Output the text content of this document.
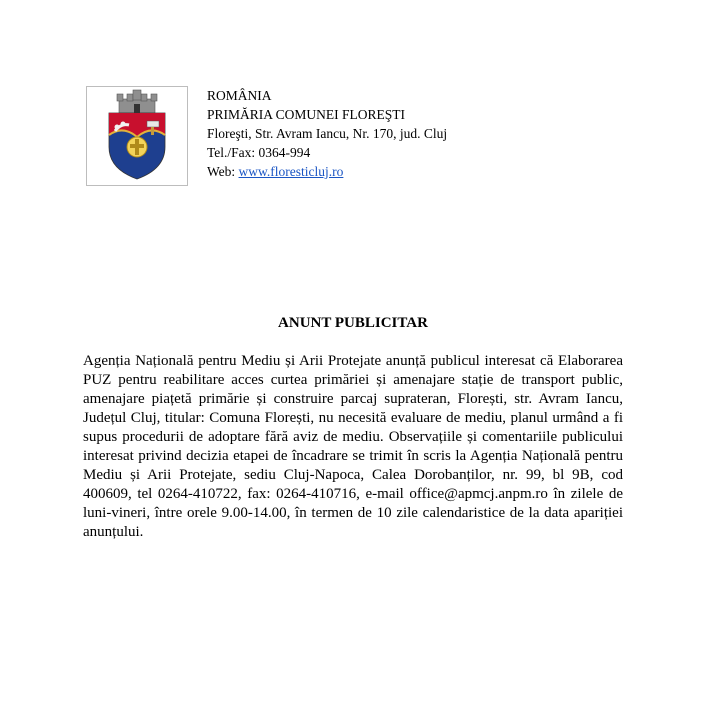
ROMÂNIA
PRIMĂRIA COMUNEI FLOREŞTI
Floreşti, Str. Avram Iancu, Nr. 170, jud. Cluj
Tel./Fax: 0364-994
Web: www.floresticluj.ro
ANUNT PUBLICITAR
Agenția Națională pentru Mediu și Arii Protejate anunță publicul interesat că Elaborarea PUZ pentru reabilitare acces curtea primăriei și amenajare stație de transport public, amenajare piațetă primărie și construire parcaj suprateran, Florești, str. Avram Iancu, Județul Cluj, titular: Comuna Florești, nu necesită evaluare de mediu, planul urmând a fi supus procedurii de adoptare fără aviz de mediu. Observațiile și comentariile publicului interesat privind decizia etapei de încadrare se trimit în scris la Agenția Națională pentru Mediu și Arii Protejate, sediu Cluj-Napoca, Calea Dorobanților, nr. 99, bl 9B, cod 400609, tel 0264-410722, fax: 0264-410716, e-mail office@apmcj.anpm.ro în zilele de luni-vineri, între orele 9.00-14.00, în termen de 10 zile calendaristice de la data apariției anunțului.
